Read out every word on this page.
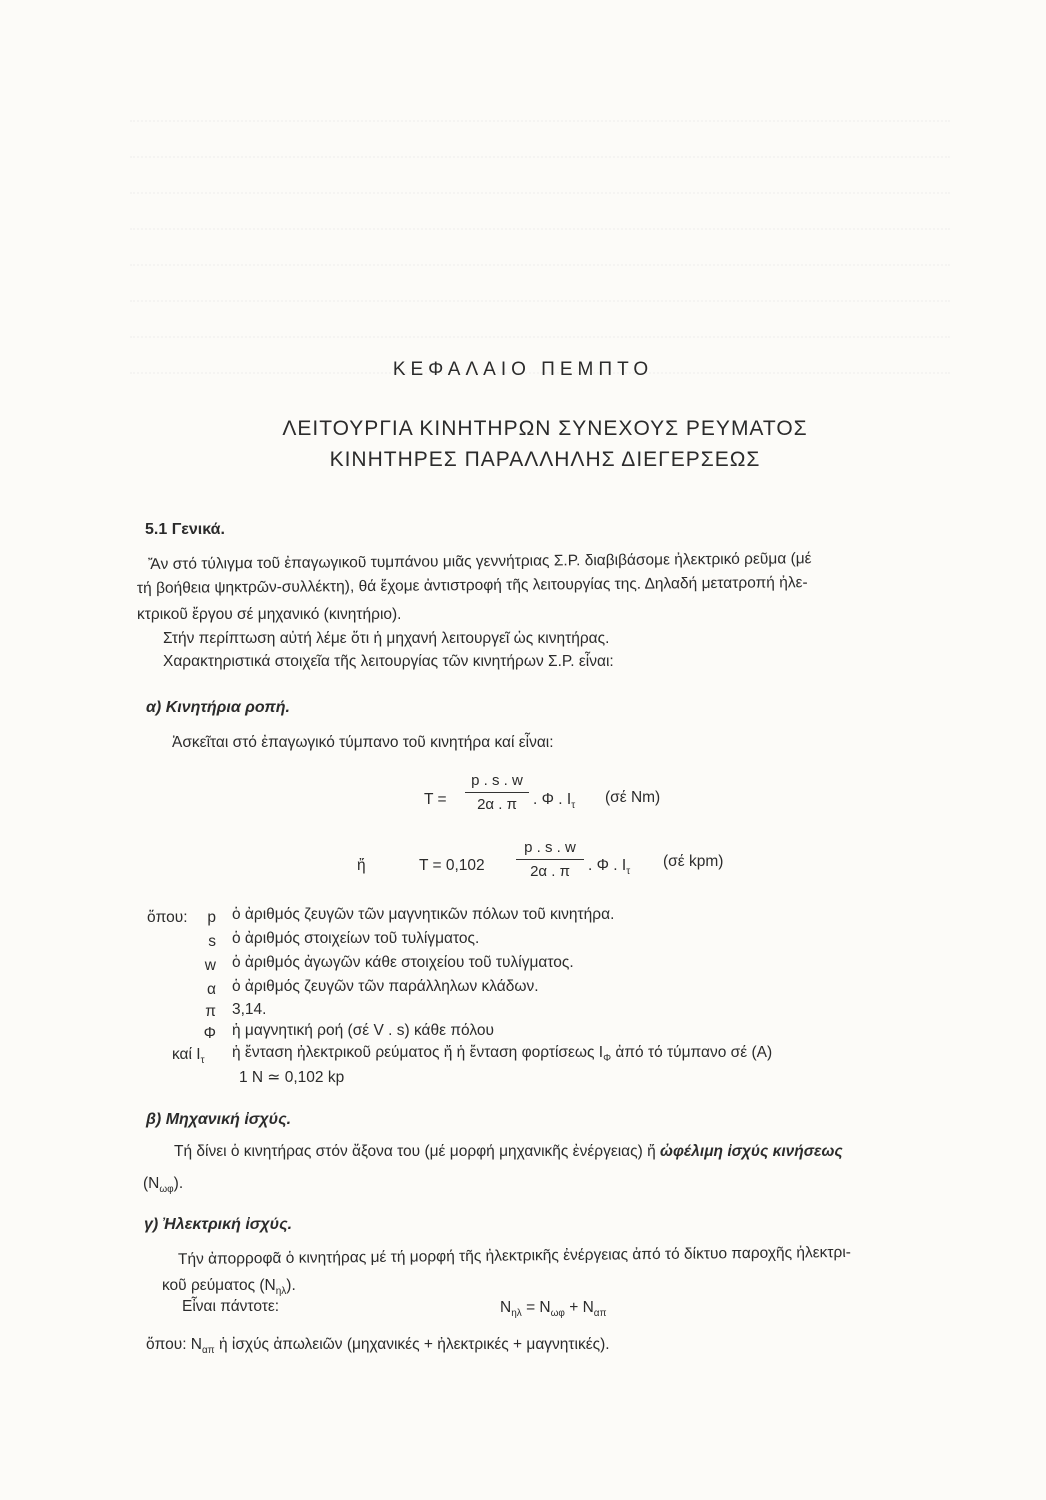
ΚΕΦΑΛΑΙΟ ΠΕΜΠΤΟ
ΛΕΙΤΟΥΡΓΙΑ ΚΙΝΗΤΗΡΩΝ ΣΥΝΕΧΟΥΣ ΡΕΥΜΑΤΟΣ
ΚΙΝΗΤΗΡΕΣ ΠΑΡΑΛΛΗΛΗΣ ΔΙΕΓΕΡΣΕΩΣ
5.1 Γενικά.
Ἄν στό τύλιγμα τοῦ ἐπαγωγικοῦ τυμπάνου μιᾶς γεννήτριας Σ.Ρ. διαβιβάσομε ἠλεκτρικό ρεῦμα (μέ
τή βοήθεια ψηκτρῶν-συλλέκτη), θά ἔχομε ἀντιστροφή τῆς λειτουργίας της. Δηλαδή μετατροπή ἠλε-
κτρικοῦ ἔργου σέ μηχανικό (κινητήριο).
Στήν περίπτωση αὐτή λέμε ὅτι ἡ μηχανή λειτουργεῖ ὡς κινητήρας.
Χαρακτηριστικά στοιχεῖα τῆς λειτουργίας τῶν κινητήρων Σ.Ρ. εἶναι:
α) Κινητήρια ροπή.
Ἀσκεῖται στό ἐπαγωγικό τύμπανο τοῦ κινητήρα καί εἶναι:
T =
p . s . w
2α . π	. Φ . $I_\tau$ (σέ Nm)
ἤ	T = 0,102
p . s . w
2α . π	. Φ . $I_\tau$
(σέ kpm)
ὅπου:	p ὁ ἀριθμός ζευγῶν τῶν μαγνητικῶν πόλων τοῦ κινητήρα.
s ὁ ἀριθμός στοιχείων τοῦ τυλίγματος.
w ὁ ἀριθμός ἀγωγῶν κάθε στοιχείου τοῦ τυλίγματος.
α ὁ ἀριθμός ζευγῶν τῶν παράλληλων κλάδων.
π 3,14.
Φ ἡ μαγνητική ροή (σέ V . s) κάθε πόλου
καί $I_\tau$ ἡ ἔνταση ἠλεκτρικοῦ ρεύματος ἤ ἡ ἔνταση φορτίσεως $I_\Phi$ ἀπό τό τύμπανο σέ (A)
1 N ≃ 0,102 kp
β) Μηχανική ἰσχύς.
Τή δίνει ὁ κινητήρας στόν ἄξονα του (μέ μορφή μηχανικῆς ἐνέργειας) ἤ ὠφέλιμη ἰσχύς κινήσεως
$(N_{\omega\varphi})$.
γ) Ἠλεκτρική ἰσχύς.
Τήν ἀπορροφᾶ ὁ κινητήρας μέ τή μορφή τῆς ἠλεκτρικῆς ἐνέργειας ἀπό τό δίκτυο παροχῆς ἠλεκτρι-
κοῦ ρεύματος $(N_{\eta\lambda})$.
Εἶναι πάντοτε:	$N_{\eta\lambda} = N_{\omega\varphi} + N_{\alpha\pi}$
ὅπου: $N_{\alpha\pi}$ ἡ ἰσχύς ἀπωλειῶν (μηχανικές + ἠλεκτρικές + μαγνητικές).
